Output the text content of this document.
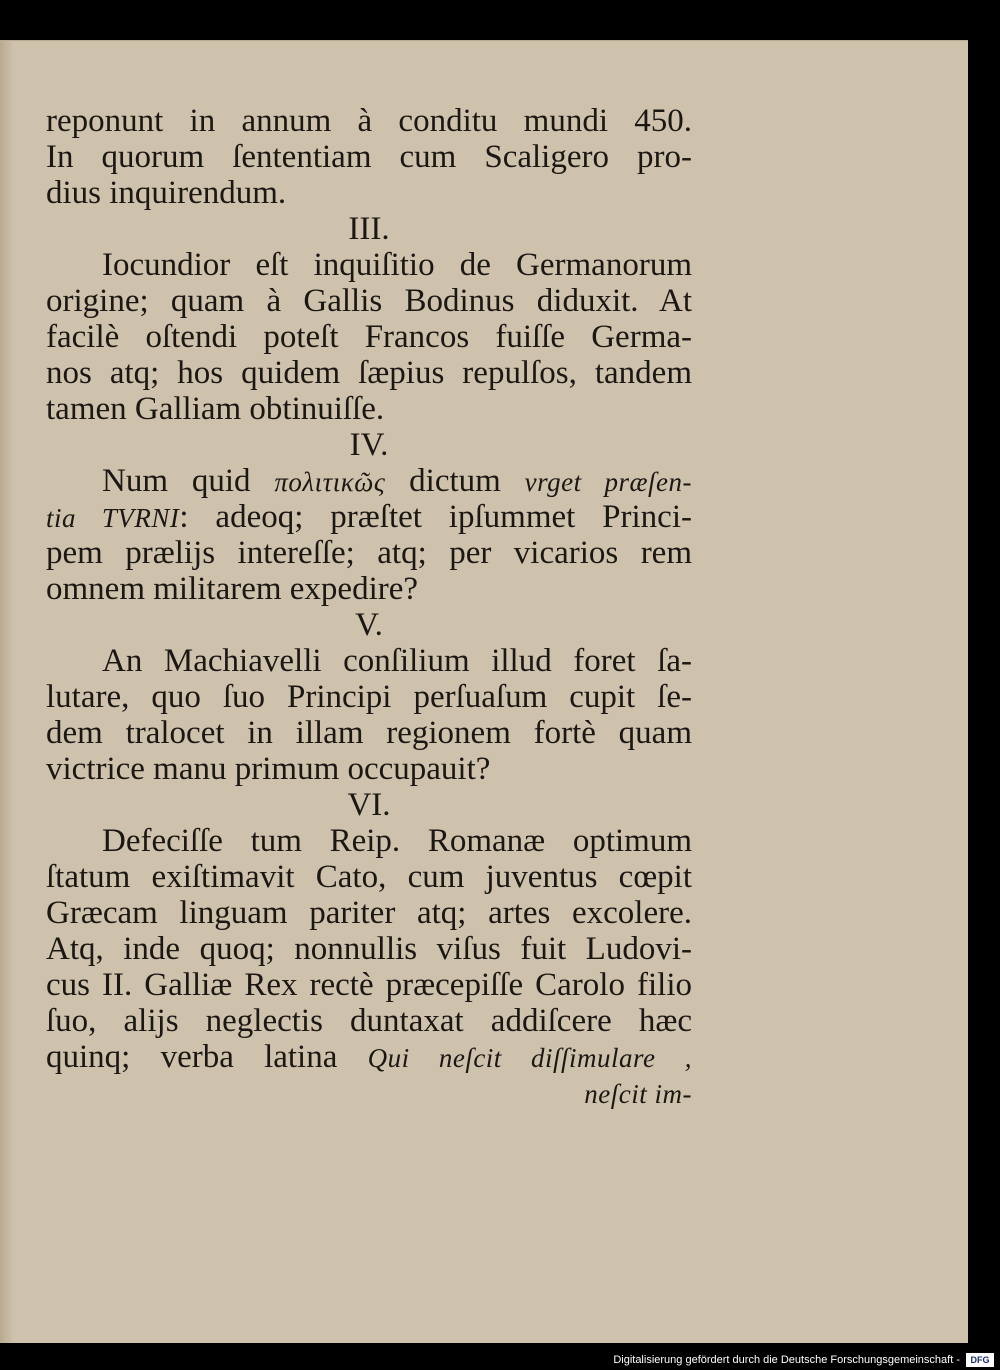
reponunt in annum à conditu mundi 450.
In quorum ſententiam cum Scaligero pro-
dius inquirendum.
III.
Iocundior eſt inquiſitio de Germanorum
origine; quam à Gallis Bodinus diduxit. At
facilè oſtendi poteſt Francos fuiſſe Germa-
nos atq; hos quidem ſæpius repulſos, tandem
tamen Galliam obtinuiſſe.
IV.
Num quid πολιτικῶς dictum vrget præſen-
tia TVRNI: adeoq; præſtet ipſummet Princi-
pem prælijs intereſſe; atq; per vicarios rem
omnem militarem expedire?
V.
An Machiavelli conſilium illud foret ſa-
lutare, quo ſuo Principi perſuaſum cupit ſe-
dem tralocet in illam regionem fortè quam
victrice manu primum occupauit?
VI.
Defeciſſe tum Reip. Romanæ optimum
ſtatum exiſtimavit Cato, cum juventus cœpit
Græcam linguam pariter atq; artes excolere.
Atq, inde quoq; nonnullis viſus fuit Ludovi-
cus II. Galliæ Rex rectè præcepiſſe Carolo filio
ſuo, alijs neglectis duntaxat addiſcere hæc
quinq; verba latina Qui neſcit diſſimulare ,
neſcit im-
Digitalisierung gefördert durch die Deutsche Forschungsgemeinschaft -	DFG
